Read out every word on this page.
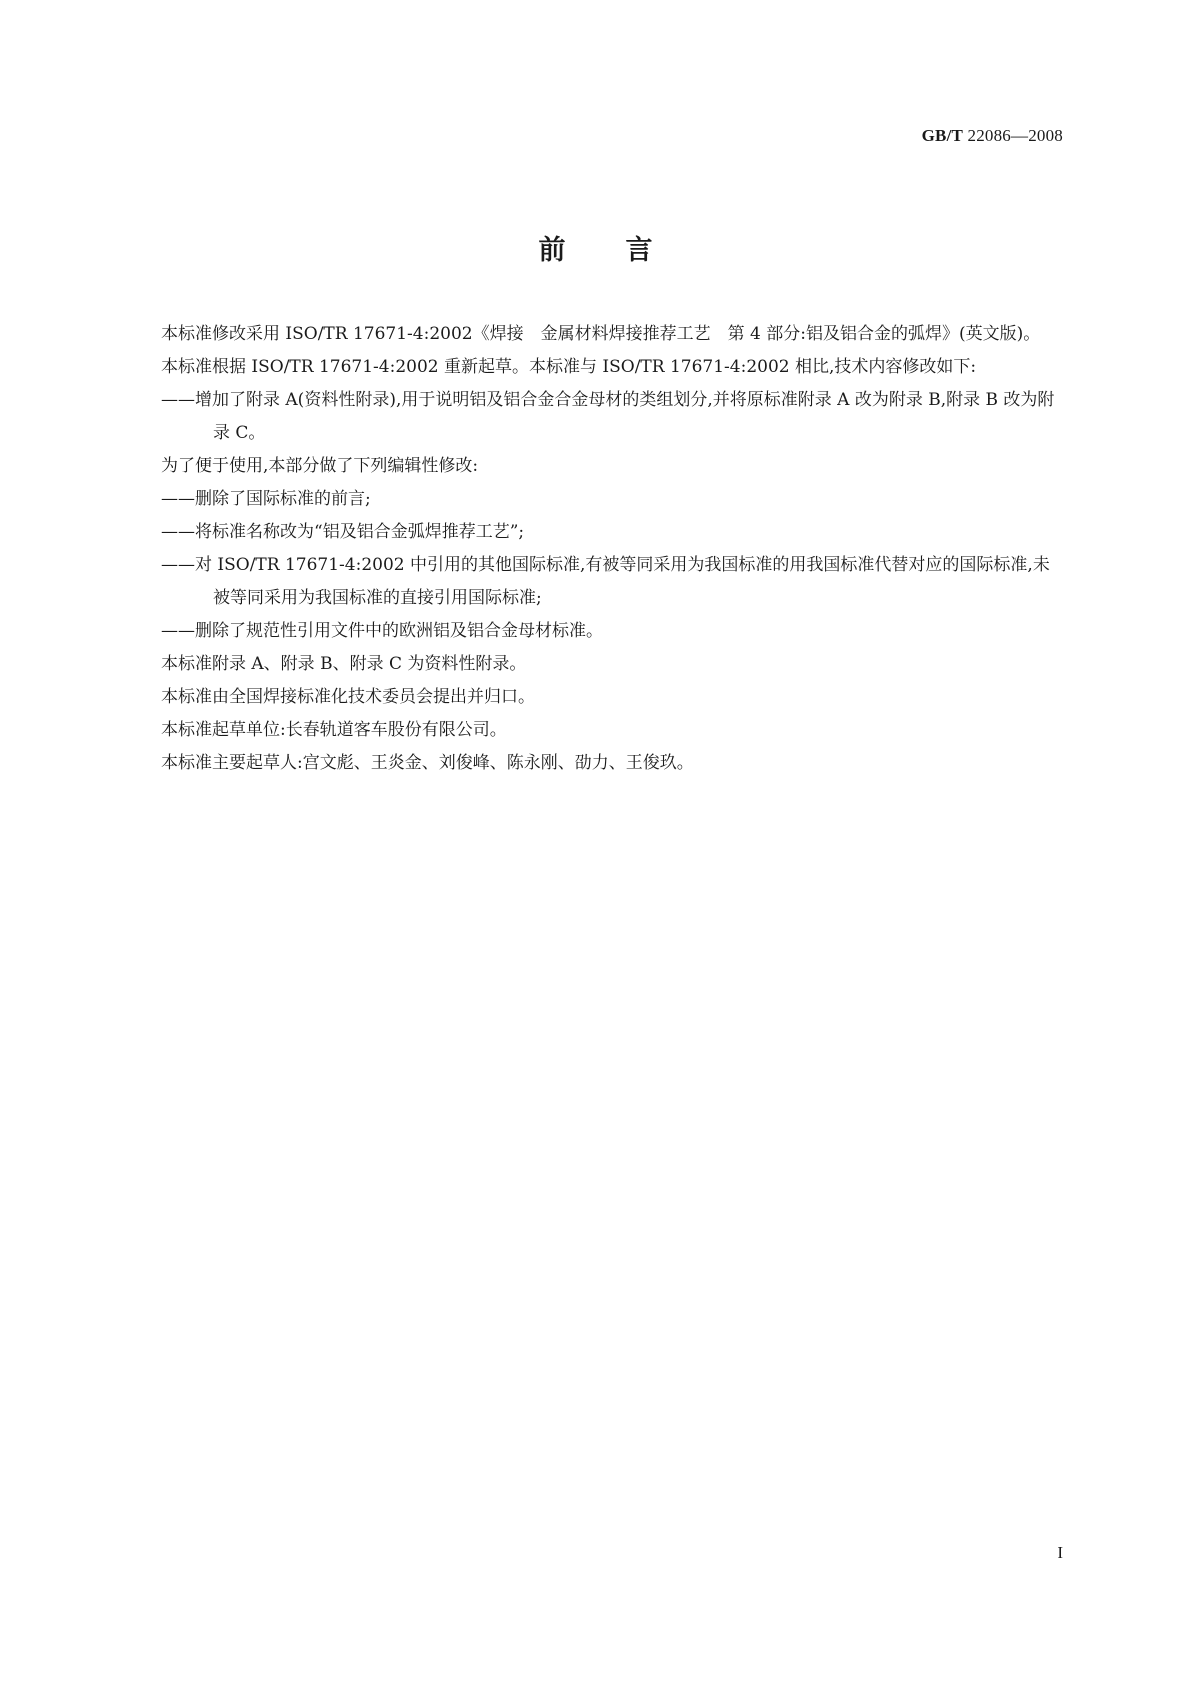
GB/T 22086—2008
前言

本标准修改采用 ISO/TR 17671-4:2002《焊接　金属材料焊接推荐工艺　第 4 部分:铝及铝合金的弧焊》(英文版)。

本标准根据 ISO/TR 17671-4:2002 重新起草。本标准与 ISO/TR 17671-4:2002 相比,技术内容修改如下:

——增加了附录 A(资料性附录),用于说明铝及铝合金合金母材的类组划分,并将原标准附录 A 改为附录 B,附录 B 改为附录 C。

为了便于使用,本部分做了下列编辑性修改:

——删除了国际标准的前言;

——将标准名称改为“铝及铝合金弧焊推荐工艺”;

——对 ISO/TR 17671-4:2002 中引用的其他国际标准,有被等同采用为我国标准的用我国标准代替对应的国际标准,未被等同采用为我国标准的直接引用国际标准;

——删除了规范性引用文件中的欧洲铝及铝合金母材标准。

本标准附录 A、附录 B、附录 C 为资料性附录。

本标准由全国焊接标准化技术委员会提出并归口。

本标准起草单位:长春轨道客车股份有限公司。

本标准主要起草人:宫文彪、王炎金、刘俊峰、陈永刚、劭力、王俊玖。

I
